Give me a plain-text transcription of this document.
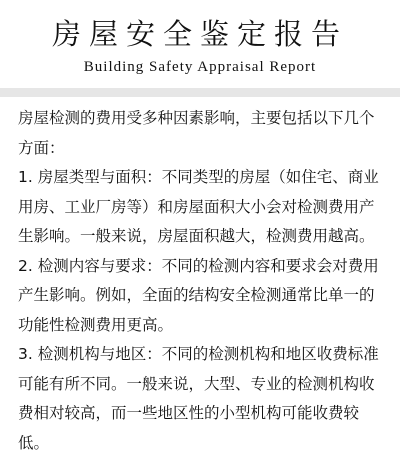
房屋安全鉴定报告
Building Safety Appraisal Report

房屋检测的费用受多种因素影响，主要包括以下几个方面：

1. 房屋类型与面积：不同类型的房屋（如住宅、商业用房、工业厂房等）和房屋面积大小会对检测费用产生影响。一般来说，房屋面积越大，检测费用越高。

2. 检测内容与要求：不同的检测内容和要求会对费用产生影响。例如，全面的结构安全检测通常比单一的功能性检测费用更高。

3. 检测机构与地区：不同的检测机构和地区收费标准可能有所不同。一般来说，大型、专业的检测机构收费相对较高，而一些地区性的小型机构可能收费较低。
